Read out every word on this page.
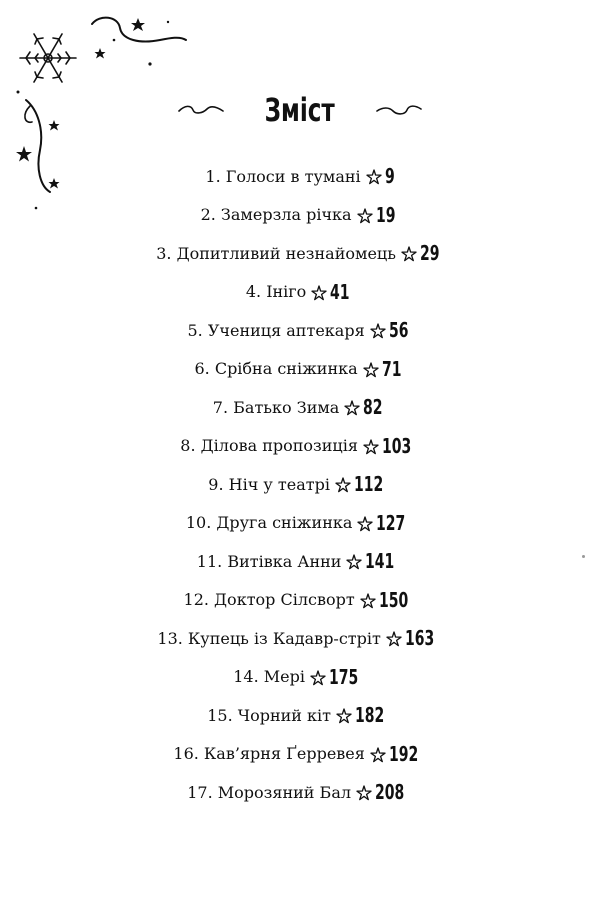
Зміст
1. Голоси в тумані 9
2. Замерзла річка 19
3. Допитливий незнайомець 29
4. Iніго 41
5. Учениця аптекаря 56
6. Срібна сніжинка 71
7. Батько Зима 82
8. Ділова пропозиція 103
9. Ніч у театрі 112
10. Друга сніжинка 127
11. Витівка Анни 141
12. Доктор Сілсворт 150
13. Купець із Кадавр-стріт 163
14. Мері 175
15. Чорний кіт 182
16. Кав’ярня Ґерревея 192
17. Морозяний Бал 208
